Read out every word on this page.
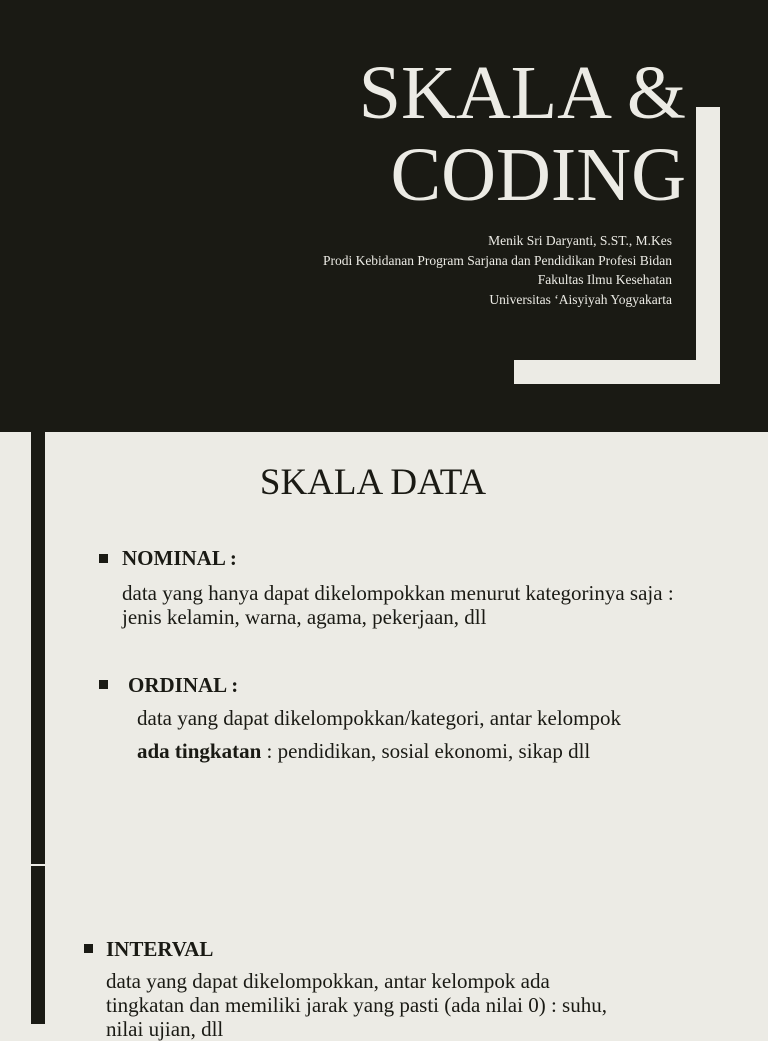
SKALA &
CODING
Menik Sri Daryanti, S.ST., M.Kes
Prodi Kebidanan Program Sarjana dan Pendidikan Profesi Bidan
Fakultas Ilmu Kesehatan
Universitas ‘Aisyiyah Yogyakarta
SKALA DATA
NOMINAL :
data yang hanya dapat dikelompokkan menurut kategorinya saja :
jenis kelamin, warna, agama, pekerjaan, dll
ORDINAL :
data yang dapat dikelompokkan/kategori, antar kelompok
ada tingkatan : pendidikan, sosial ekonomi, sikap dll
INTERVAL
data yang dapat dikelompokkan, antar kelompok ada
tingkatan dan memiliki jarak yang pasti (ada nilai 0) : suhu,
nilai ujian, dll
